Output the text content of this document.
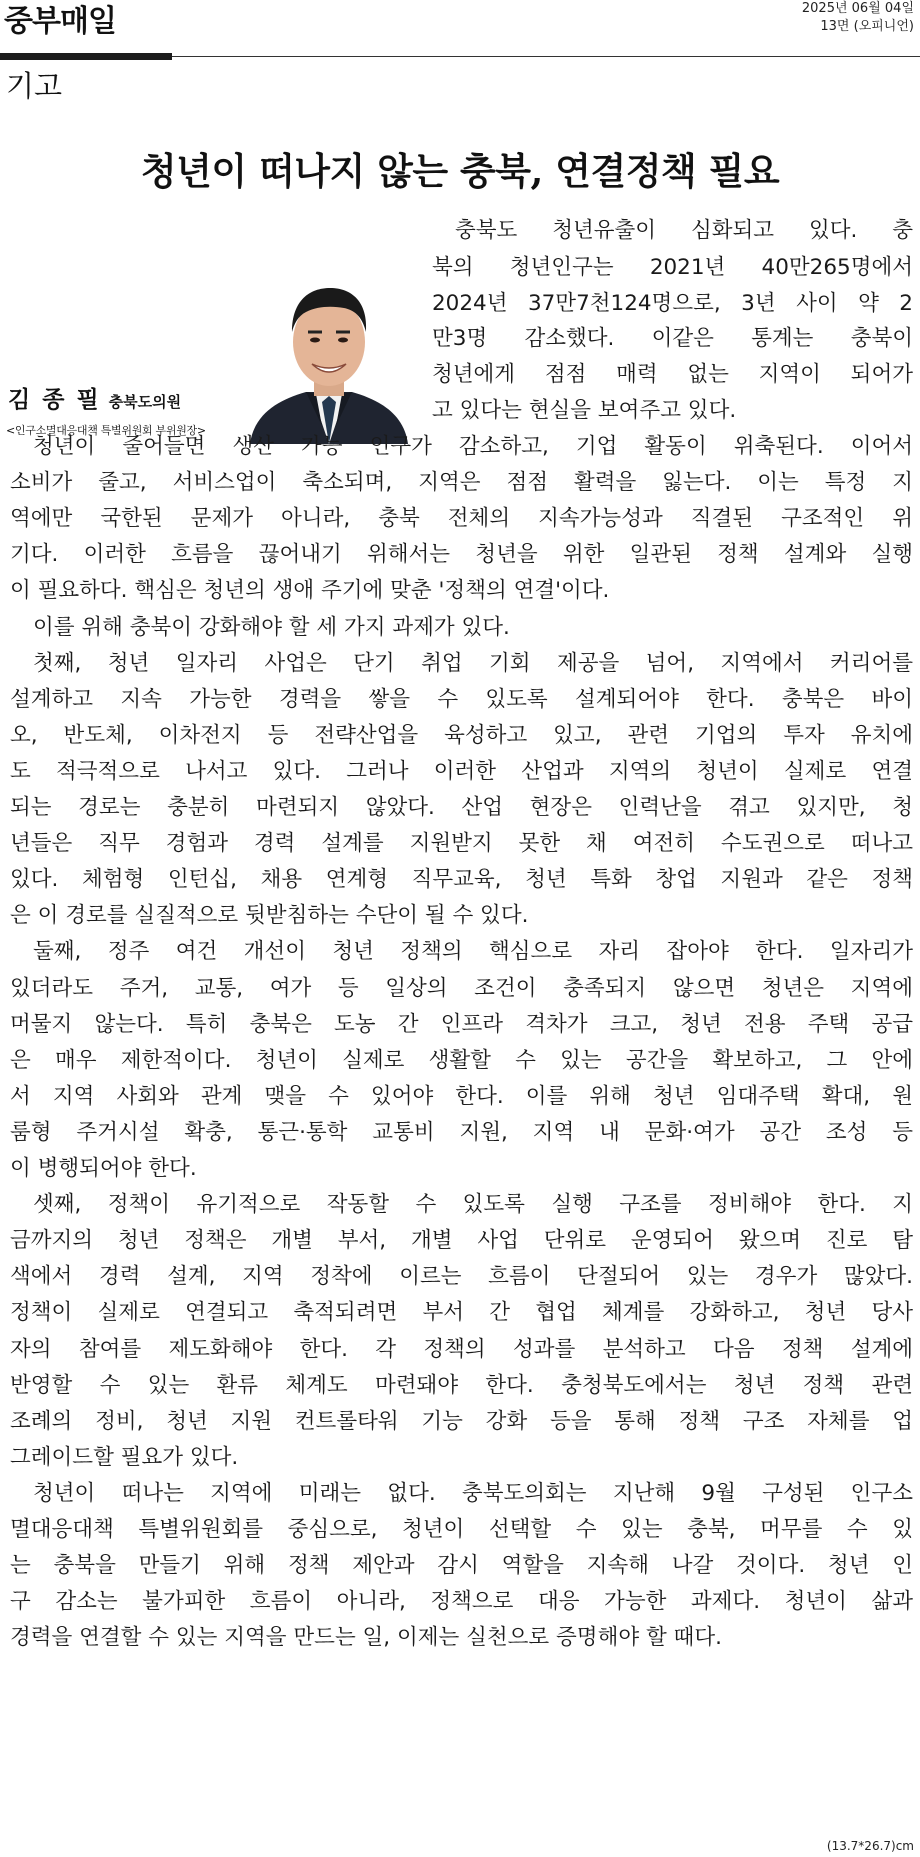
중부매일	2025년 06월 04일
13면 (오피니언)
기고
청년이 떠나지 않는 충북, 연결정책 필요
김 종 필 충북도의원
<인구소멸대응대책 특별위원회 부위원장>
충북도 청년유출이 심화되고 있다. 충
북의 청년인구는 2021년 40만265명에서
2024년 37만7천124명으로, 3년 사이 약 2
만3명 감소했다. 이같은 통계는 충북이
청년에게 점점 매력 없는 지역이 되어가
고 있다는 현실을 보여주고 있다.
청년이 줄어들면 생산 가능 인구가 감소하고, 기업 활동이 위축된다. 이어서
소비가 줄고, 서비스업이 축소되며, 지역은 점점 활력을 잃는다. 이는 특정 지
역에만 국한된 문제가 아니라, 충북 전체의 지속가능성과 직결된 구조적인 위
기다. 이러한 흐름을 끊어내기 위해서는 청년을 위한 일관된 정책 설계와 실행
이 필요하다. 핵심은 청년의 생애 주기에 맞춘 '정책의 연결'이다.
이를 위해 충북이 강화해야 할 세 가지 과제가 있다.
첫째, 청년 일자리 사업은 단기 취업 기회 제공을 넘어, 지역에서 커리어를
설계하고 지속 가능한 경력을 쌓을 수 있도록 설계되어야 한다. 충북은 바이
오, 반도체, 이차전지 등 전략산업을 육성하고 있고, 관련 기업의 투자 유치에
도 적극적으로 나서고 있다. 그러나 이러한 산업과 지역의 청년이 실제로 연결
되는 경로는 충분히 마련되지 않았다. 산업 현장은 인력난을 겪고 있지만, 청
년들은 직무 경험과 경력 설계를 지원받지 못한 채 여전히 수도권으로 떠나고
있다. 체험형 인턴십, 채용 연계형 직무교육, 청년 특화 창업 지원과 같은 정책
은 이 경로를 실질적으로 뒷받침하는 수단이 될 수 있다.
둘째, 정주 여건 개선이 청년 정책의 핵심으로 자리 잡아야 한다. 일자리가
있더라도 주거, 교통, 여가 등 일상의 조건이 충족되지 않으면 청년은 지역에
머물지 않는다. 특히 충북은 도농 간 인프라 격차가 크고, 청년 전용 주택 공급
은 매우 제한적이다. 청년이 실제로 생활할 수 있는 공간을 확보하고, 그 안에
서 지역 사회와 관계 맺을 수 있어야 한다. 이를 위해 청년 임대주택 확대, 원
룸형 주거시설 확충, 통근·통학 교통비 지원, 지역 내 문화·여가 공간 조성 등
이 병행되어야 한다.
셋째, 정책이 유기적으로 작동할 수 있도록 실행 구조를 정비해야 한다. 지
금까지의 청년 정책은 개별 부서, 개별 사업 단위로 운영되어 왔으며 진로 탐
색에서 경력 설계, 지역 정착에 이르는 흐름이 단절되어 있는 경우가 많았다.
정책이 실제로 연결되고 축적되려면 부서 간 협업 체계를 강화하고, 청년 당사
자의 참여를 제도화해야 한다. 각 정책의 성과를 분석하고 다음 정책 설계에
반영할 수 있는 환류 체계도 마련돼야 한다. 충청북도에서는 청년 정책 관련
조례의 정비, 청년 지원 컨트롤타워 기능 강화 등을 통해 정책 구조 자체를 업
그레이드할 필요가 있다.
청년이 떠나는 지역에 미래는 없다. 충북도의회는 지난해 9월 구성된 인구소
멸대응대책 특별위원회를 중심으로, 청년이 선택할 수 있는 충북, 머무를 수 있
는 충북을 만들기 위해 정책 제안과 감시 역할을 지속해 나갈 것이다. 청년 인
구 감소는 불가피한 흐름이 아니라, 정책으로 대응 가능한 과제다. 청년이 삶과
경력을 연결할 수 있는 지역을 만드는 일, 이제는 실천으로 증명해야 할 때다.
(13.7*26.7)cm
